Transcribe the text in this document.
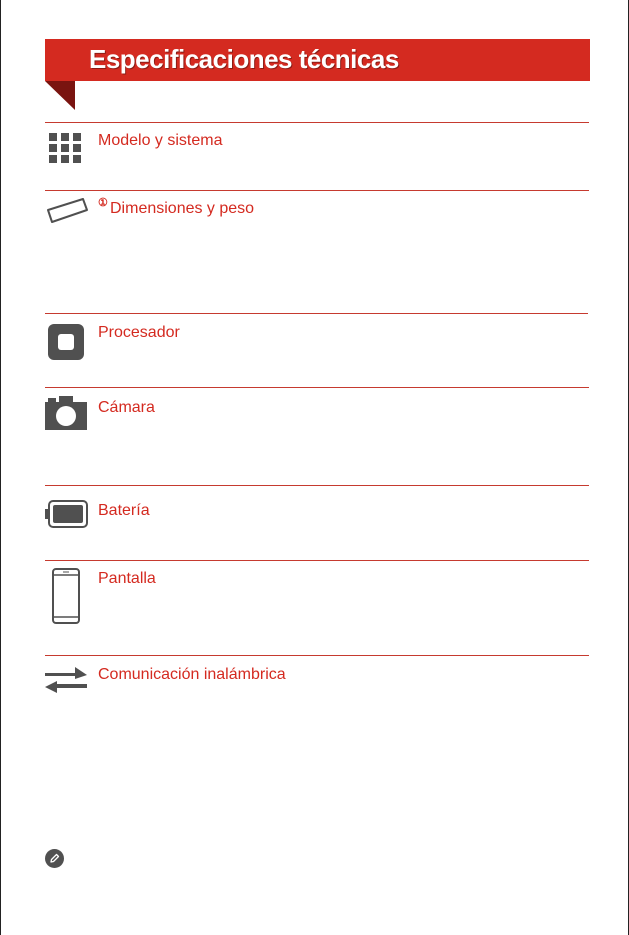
Especificaciones técnicas
Modelo y sistema
① Dimensiones y peso
Procesador
Cámara
Batería
Pantalla
Comunicación inalámbrica
